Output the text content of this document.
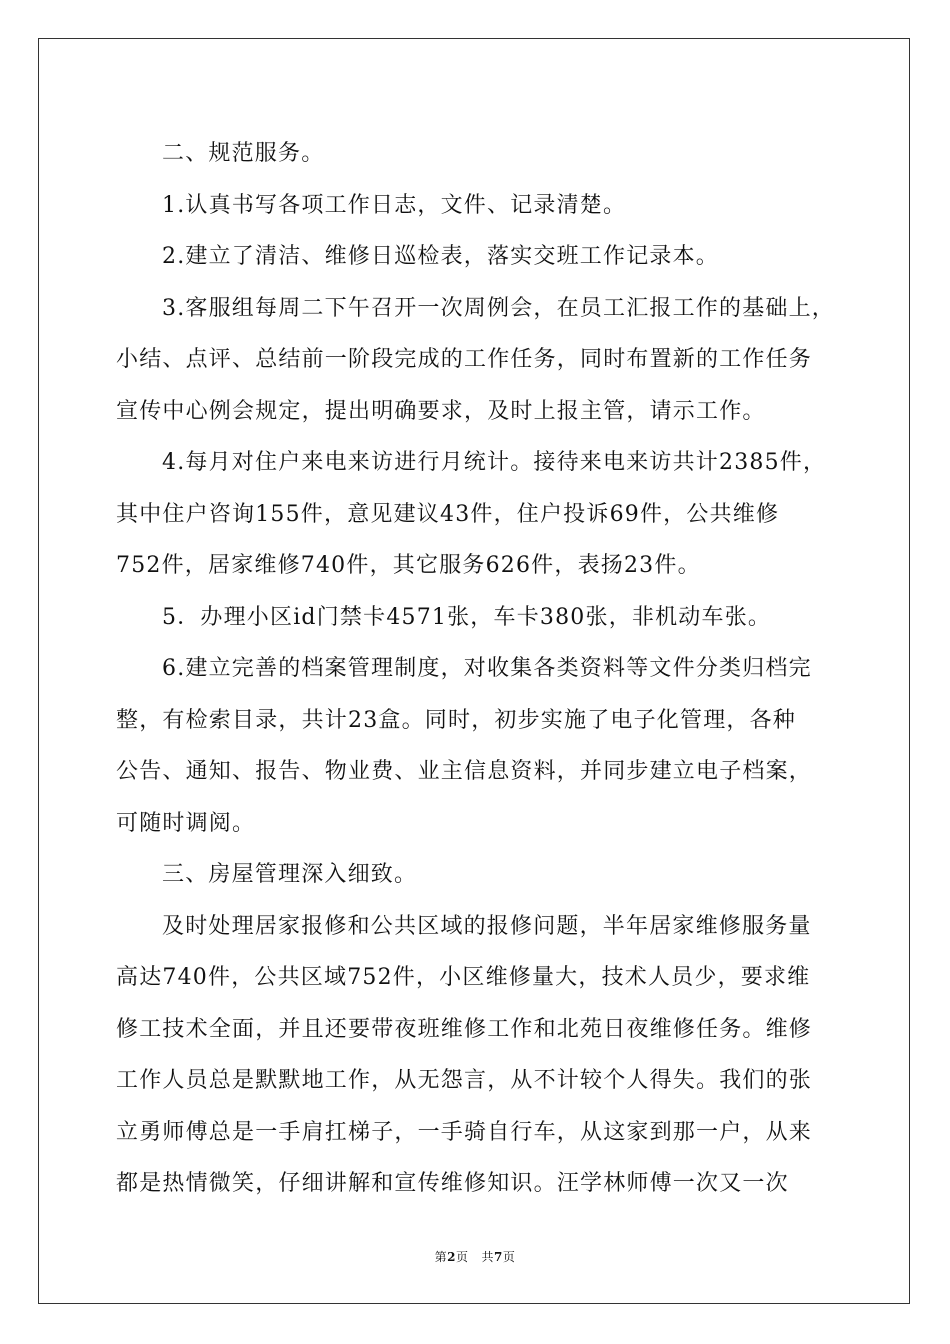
二、规范服务。
1.认真书写各项工作日志，文件、记录清楚。
2.建立了清洁、维修日巡检表，落实交班工作记录本。
3.客服组每周二下午召开一次周例会，在员工汇报工作的基础上，
小结、点评、总结前一阶段完成的工作任务，同时布置新的工作任务
宣传中心例会规定，提出明确要求，及时上报主管，请示工作。
4.每月对住户来电来访进行月统计。接待来电来访共计2385件，
其中住户咨询155件，意见建议43件，住户投诉69件，公共维修
752件，居家维修740件，其它服务626件，表扬23件。
5．办理小区id门禁卡4571张，车卡380张，非机动车张。
6.建立完善的档案管理制度，对收集各类资料等文件分类归档完
整，有检索目录，共计23盒。同时，初步实施了电子化管理，各种
公告、通知、报告、物业费、业主信息资料，并同步建立电子档案，
可随时调阅。
三、房屋管理深入细致。
及时处理居家报修和公共区域的报修问题，半年居家维修服务量
高达740件，公共区域752件，小区维修量大，技术人员少，要求维
修工技术全面，并且还要带夜班维修工作和北苑日夜维修任务。维修
工作人员总是默默地工作，从无怨言，从不计较个人得失。我们的张
立勇师傅总是一手肩扛梯子，一手骑自行车，从这家到那一户，从来
都是热情微笑，仔细讲解和宣传维修知识。汪学林师傅一次又一次
第2页 共7页
